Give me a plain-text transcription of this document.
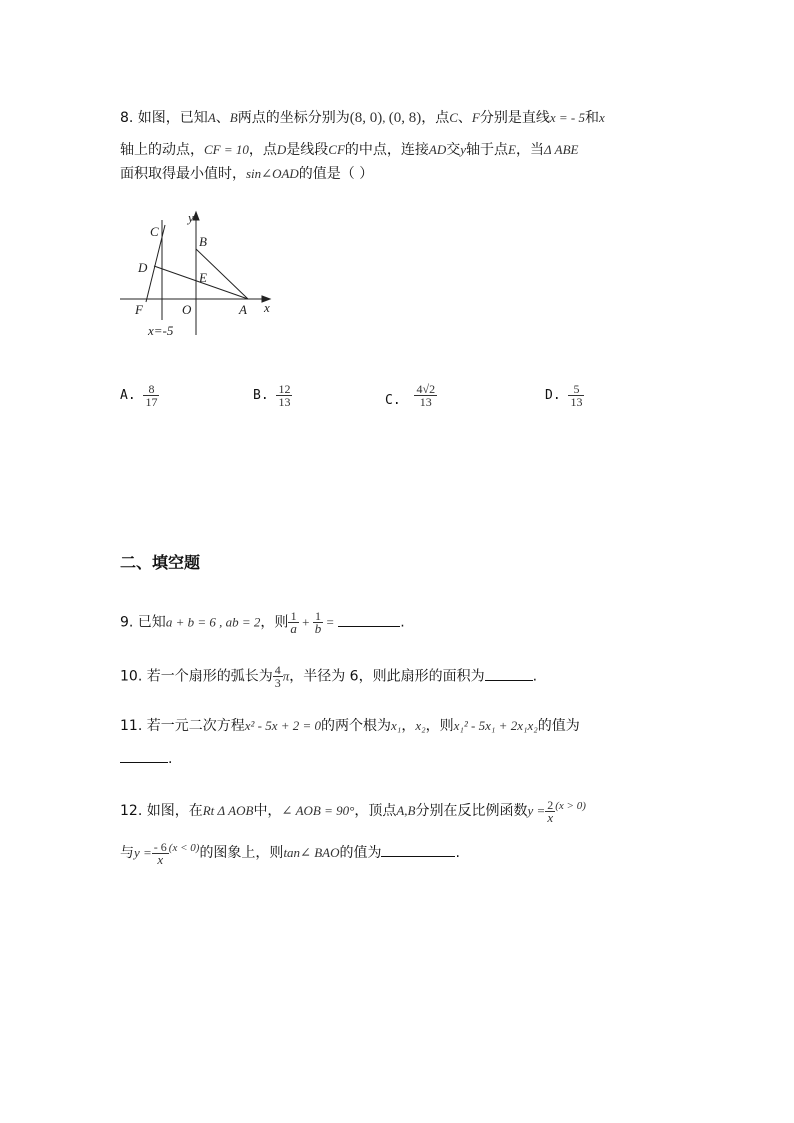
8. 如图，已知A、B两点的坐标分别为(8, 0), (0, 8)，点C、F分别是直线x = - 5和x
轴上的动点，CF = 10，点D是线段CF的中点，连接AD交y轴于点E，当Δ ABE
面积取得最小值时，sin∠OAD的值是（ ）
y
x
C
B
D
E
F	O	A
x=-5
A. $\frac{8}{17}$	B. $\frac{12}{13}$	C. $\frac{4√2}{13}$	D. $\frac{5}{13}$
二、填空题
9. 已知a + b = 6 , ab = 2，则 $\frac{1}{a} + \frac{1}{b}$ =	.
10. 若一个扇形的弧长为 $\frac{4}{3}$ π，半径为 6，则此扇形的面积为	.
11. 若一元二次方程x² - 5x + 2 = 0的两个根为x₁，x₂，则x₁² - 5x₁ + 2x₁x₂的值为
.
12. 如图，在Rt Δ AOB中，∠ AOB = 90°，顶点A,B分别在反比例函数$y = \frac{2}{x} ^{(x > 0)}$
与$y = \frac{- 6}{x} ^{(x < 0)}$的图象上，则tan∠ BAO的值为	.
